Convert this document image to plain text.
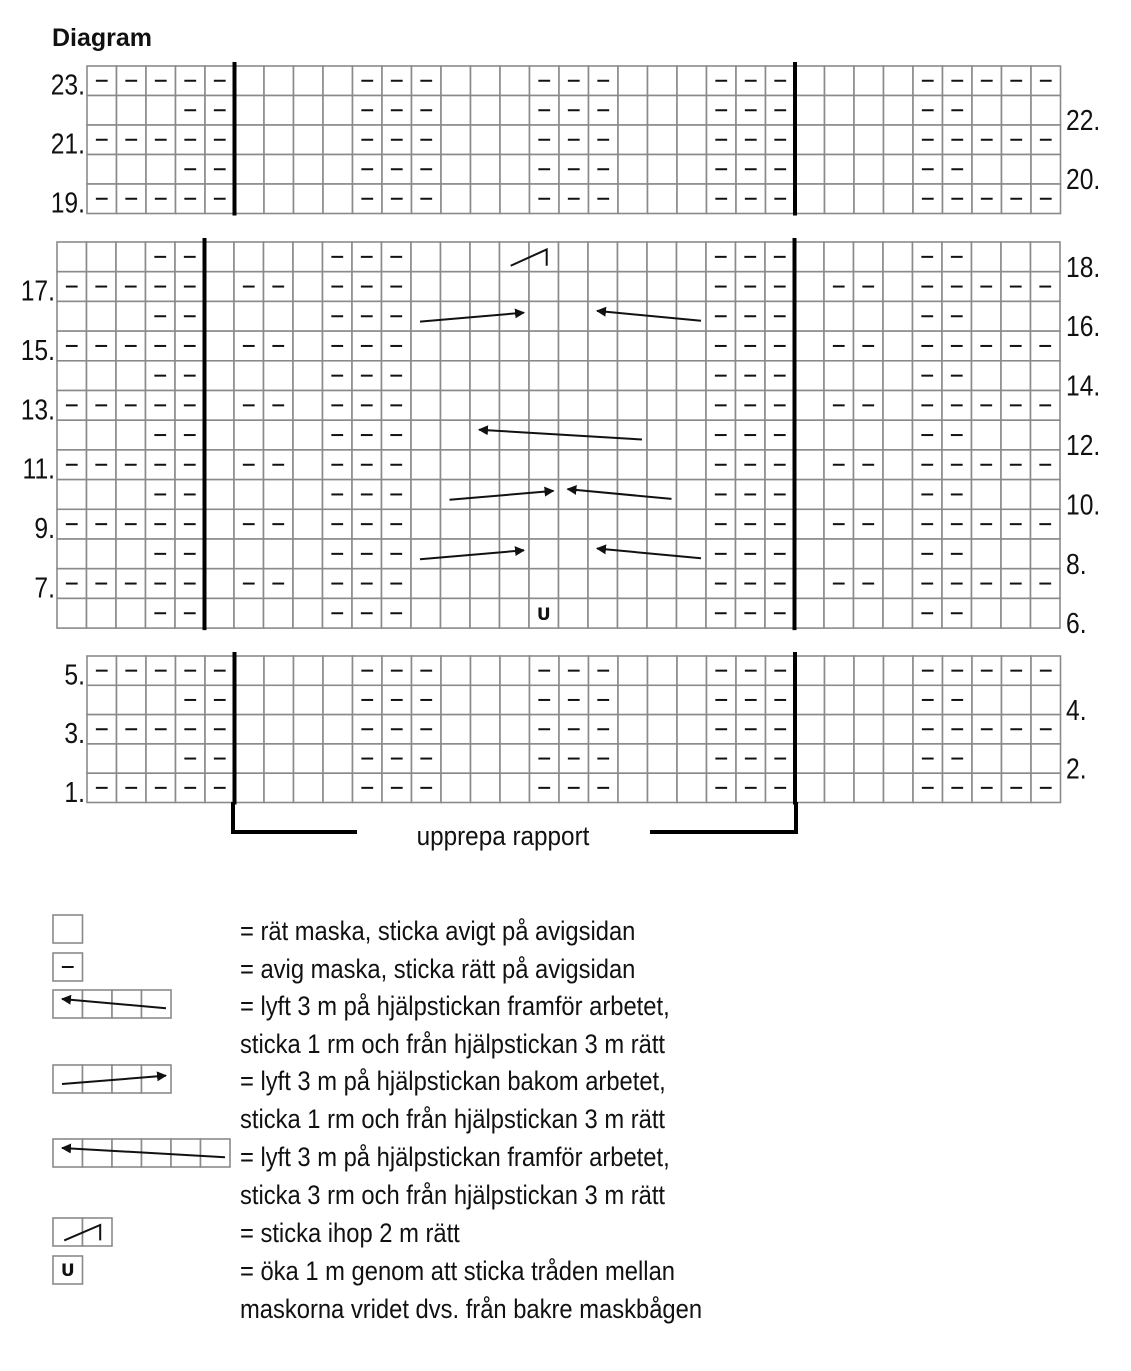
Diagram
23.
22.
21.
20.
19.
18.
17.
16.
15.
14.
13.
12.
11.
10.
9.
8.
7.
6.
U
5.
4.
3.
2.
1.
upprepa rapport
= rät maska, sticka avigt på avigsidan
= avig maska, sticka rätt på avigsidan
= lyft 3 m på hjälpstickan framför arbetet,
sticka 1 rm och från hjälpstickan 3 m rätt
= lyft 3 m på hjälpstickan bakom arbetet,
sticka 1 rm och från hjälpstickan 3 m rätt
= lyft 3 m på hjälpstickan framför arbetet,
sticka 3 rm och från hjälpstickan 3 m rätt
= sticka ihop 2 m rätt
U	= öka 1 m genom att sticka tråden mellan
maskorna vridet dvs. från bakre maskbågen
